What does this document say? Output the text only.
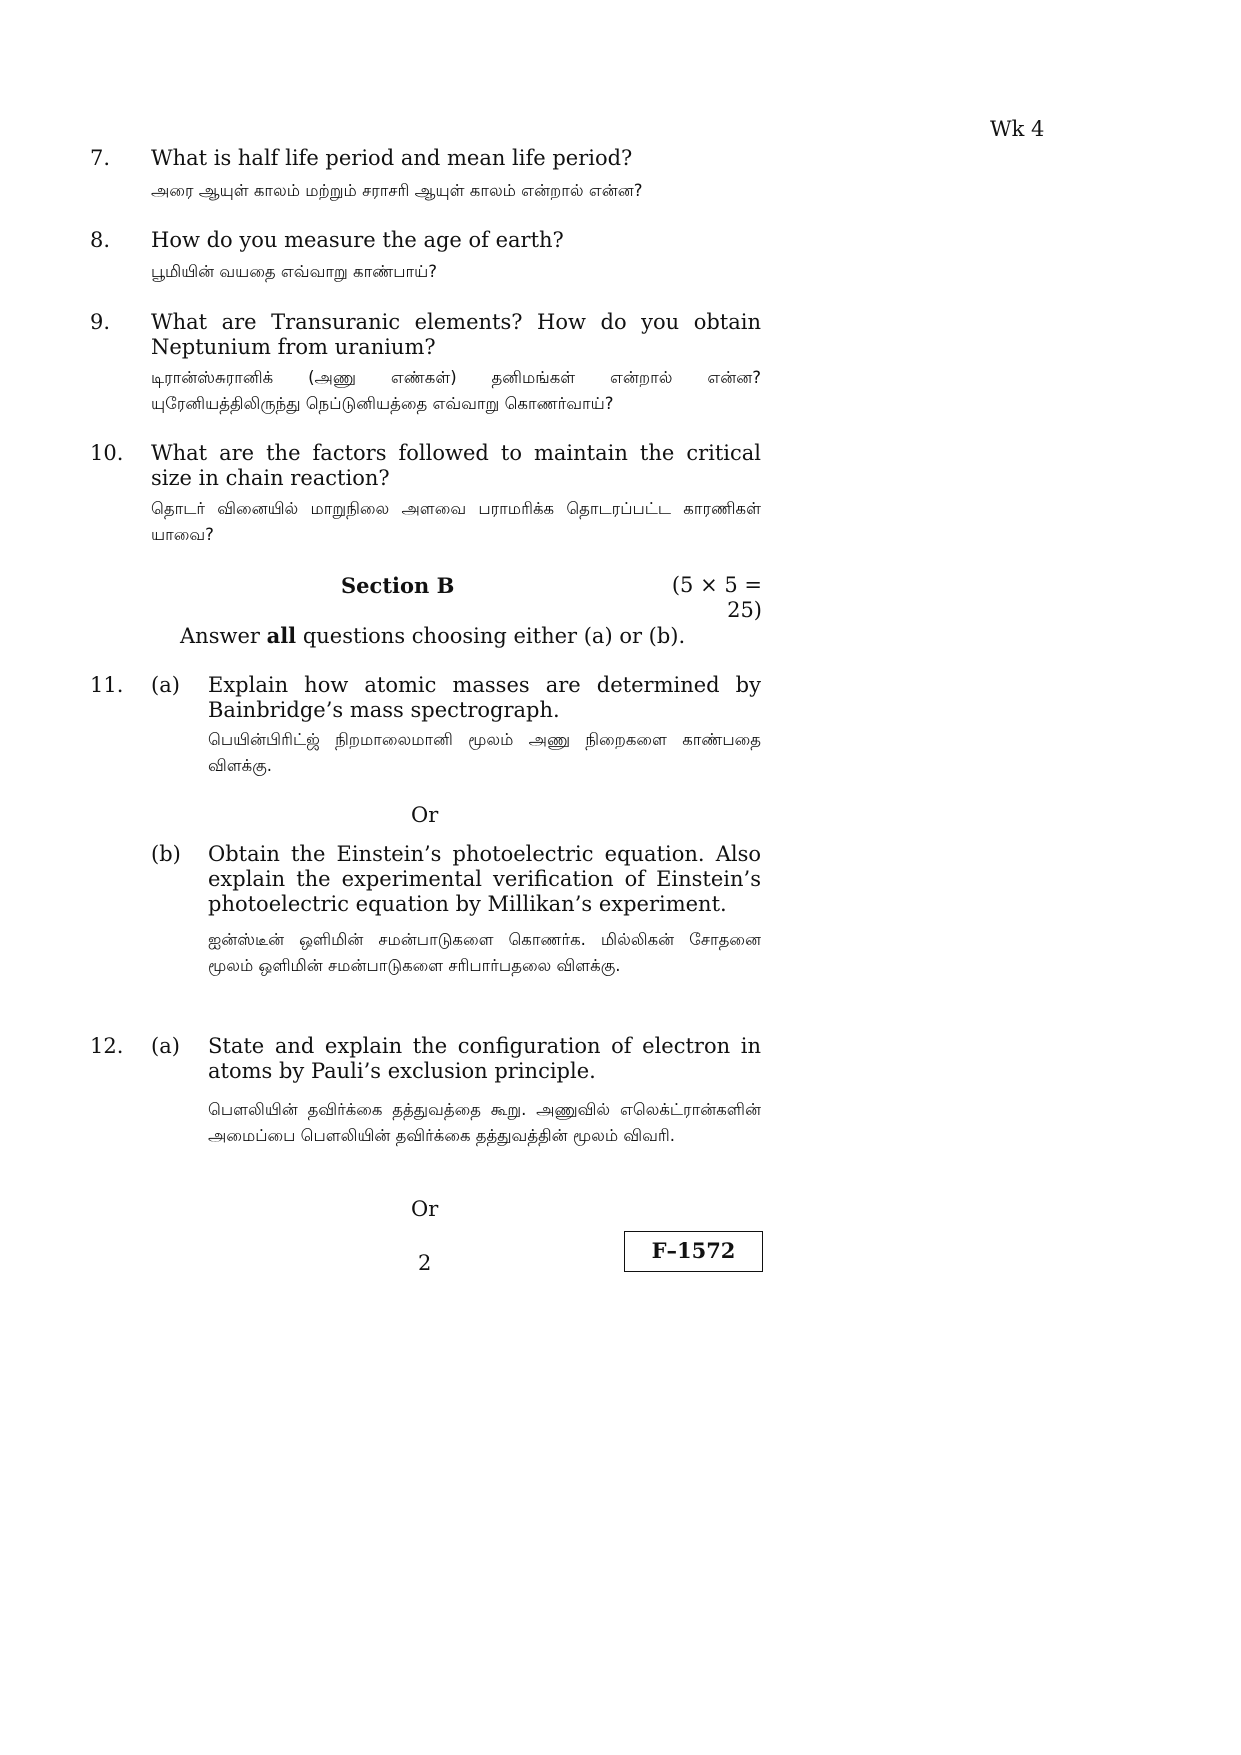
Wk 4
7. What is half life period and mean life period?
அரை ஆயுள் காலம் மற்றும் சராசரி ஆயுள் காலம் என்றால் என்ன?
8. How do you measure the age of earth?
பூமியின் வயதை எவ்வாறு காண்பாய்?
9. What are Transuranic elements? How do you obtain Neptunium from uranium?
டிரான்ஸ்சுரானிக் (அணு எண்கள்) தனிமங்கள் என்றால் என்ன? யுரேனியத்திலிருந்து நெப்டுனியத்தை எவ்வாறு கொணர்வாய்?
10. What are the factors followed to maintain the critical size in chain reaction?
தொடர் வினையில் மாறுநிலை அளவை பராமரிக்க தொடரப்பட்ட காரணிகள் யாவை?
Section B	(5 × 5 = 25)
Answer all questions choosing either (a) or (b).
11. (a) Explain how atomic masses are determined by Bainbridge’s mass spectrograph.
பெயின்பிரிட்ஜ் நிறமாலைமானி மூலம் அணு நிறைகளை காண்பதை விளக்கு.
Or
(b) Obtain the Einstein’s photoelectric equation. Also explain the experimental verification of Einstein’s photoelectric equation by Millikan’s experiment.
ஐன்ஸ்டீன் ஒளிமின் சமன்பாடுகளை கொணர்க. மில்லிகன் சோதனை மூலம் ஒளிமின் சமன்பாடுகளை சரிபார்பதலை விளக்கு.
12. (a) State and explain the configuration of electron in atoms by Pauli’s exclusion principle.
பௌலியின் தவிர்க்கை தத்துவத்தை கூறு. அணுவில் எலெக்ட்ரான்களின் அமைப்பை பௌலியின் தவிர்க்கை தத்துவத்தின் மூலம் விவரி.
Or
2	F–1572
